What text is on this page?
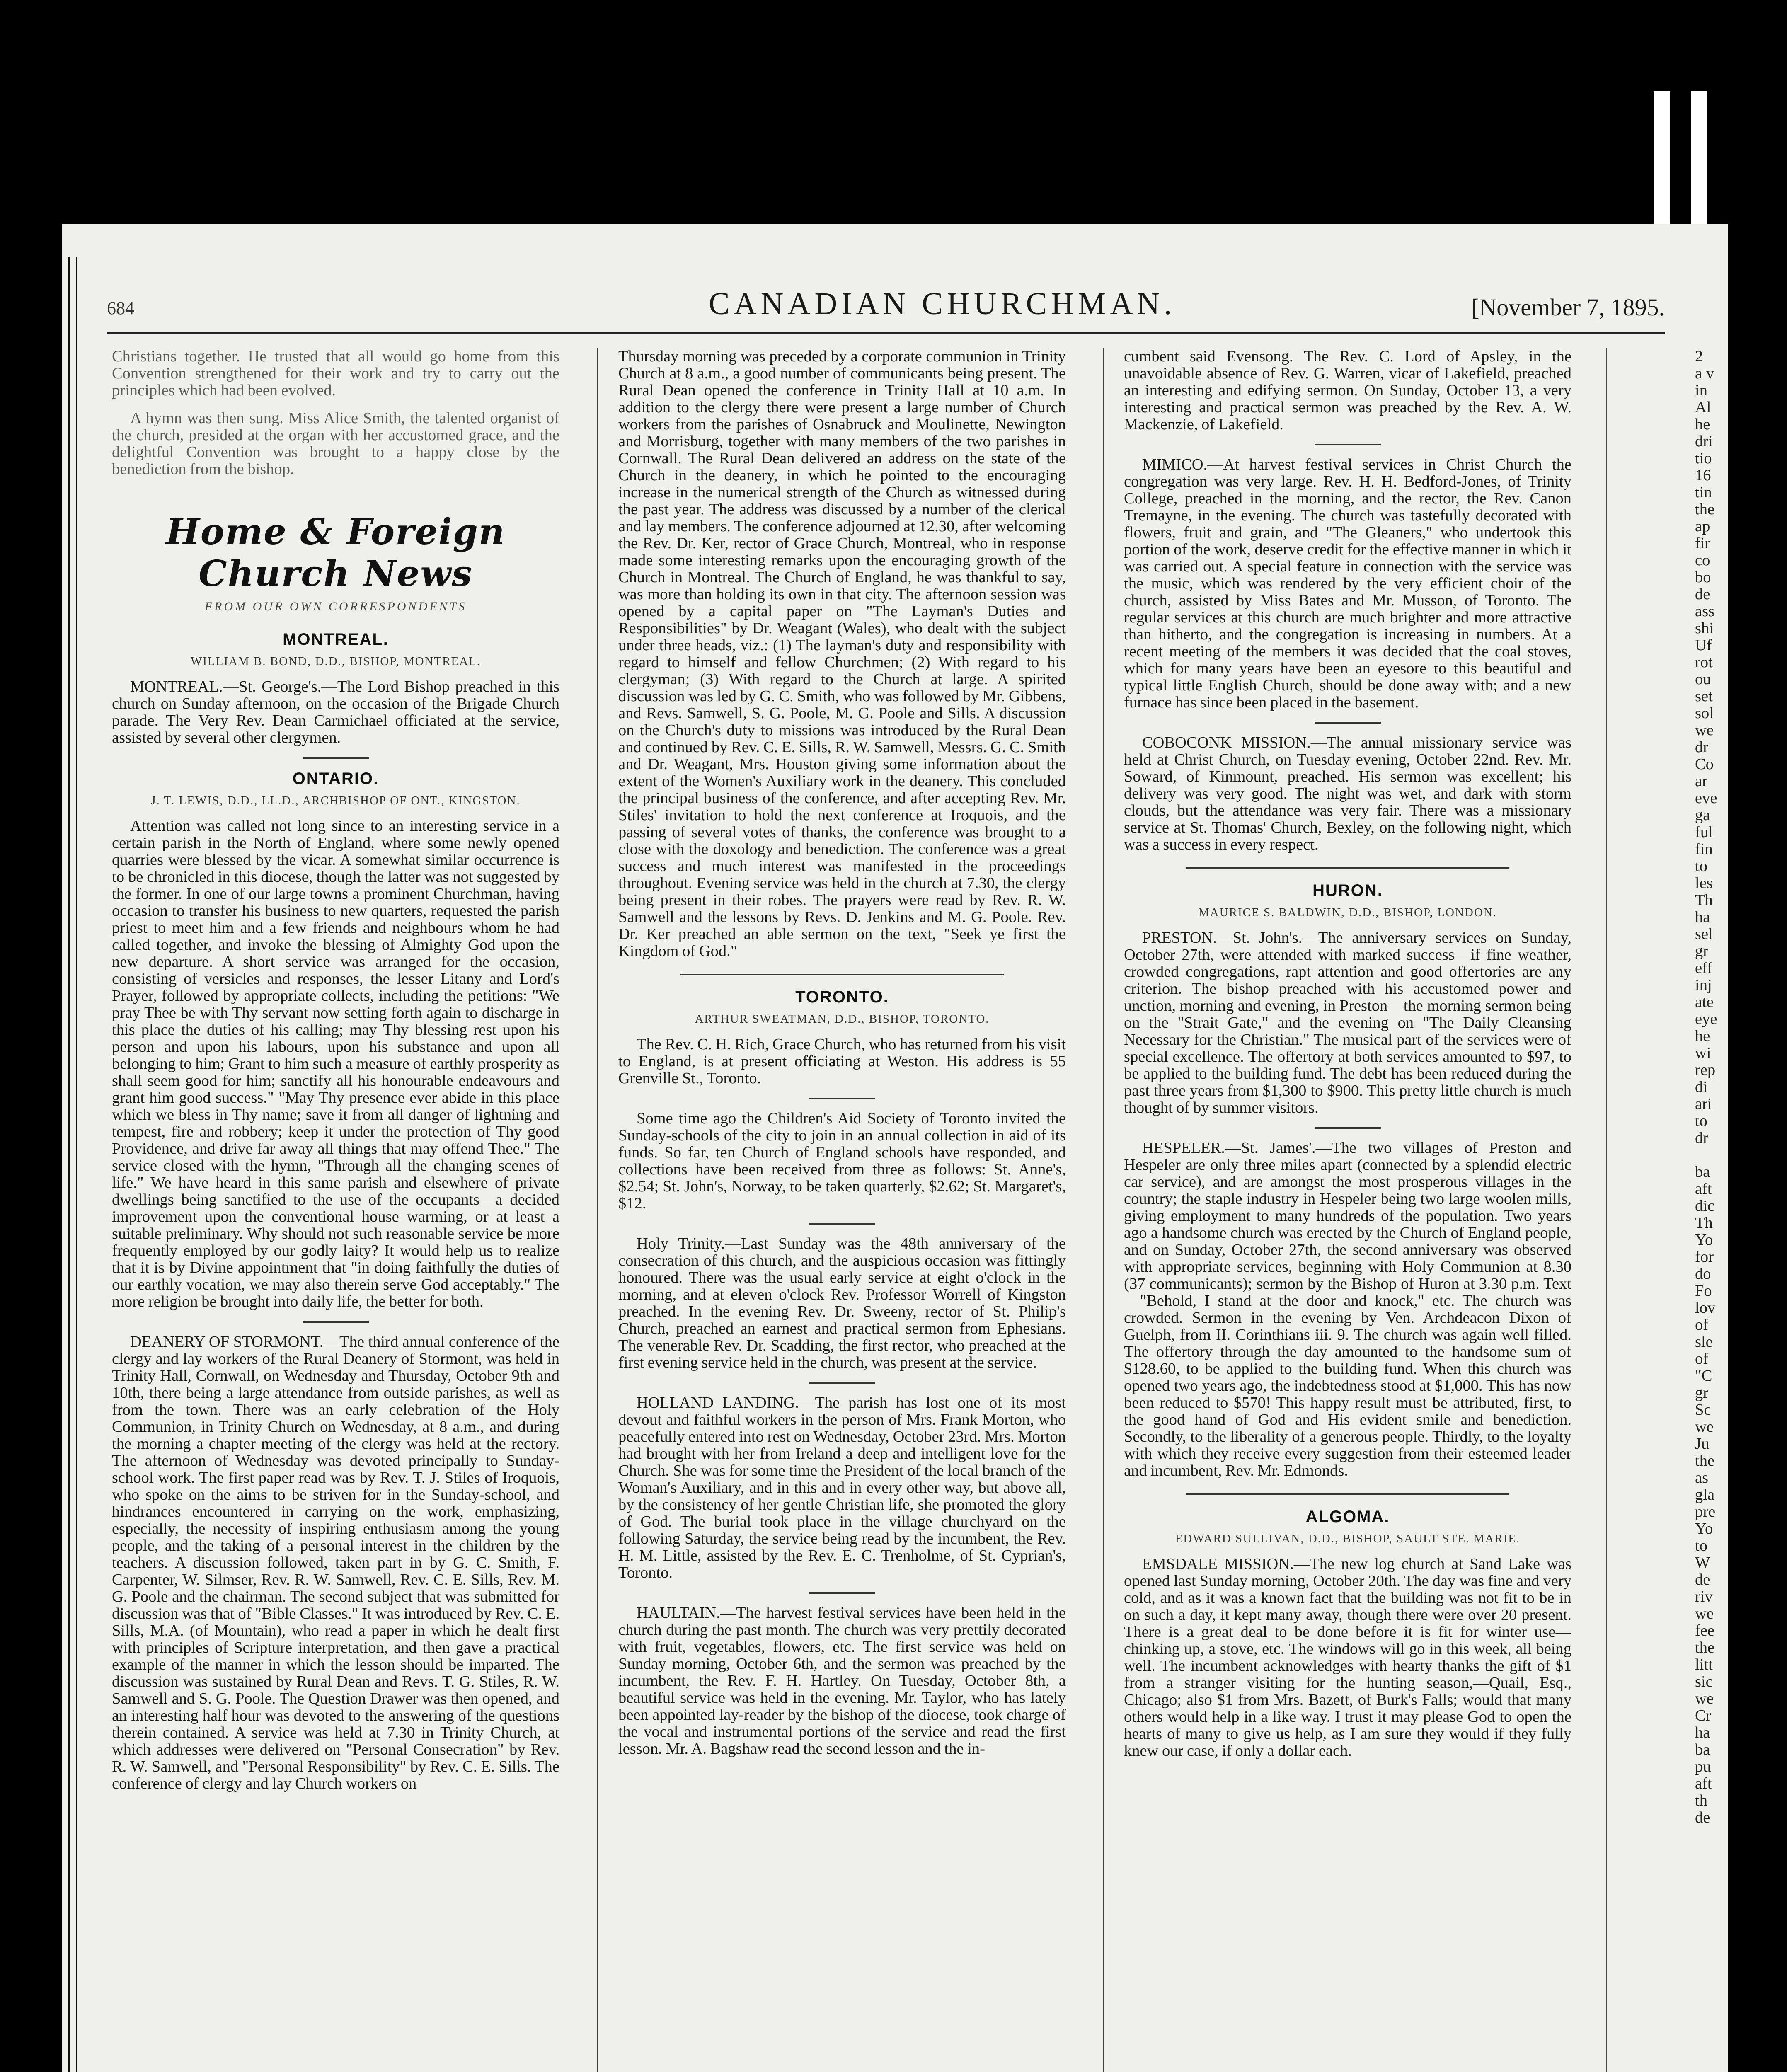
684	CANADIAN CHURCHMAN.	[November 7, 1895.

Christians together. He trusted that all would go home from this Convention strengthened for their work and try to carry out the principles which had been evolved.

A hymn was then sung. Miss Alice Smith, the talented organist of the church, presided at the organ with her accustomed grace, and the delightful Convention was brought to a happy close by the benediction from the bishop.

Home & Foreign Church News
FROM OUR OWN CORRESPONDENTS
MONTREAL.
WILLIAM B. BOND, D.D., BISHOP, MONTREAL.

MONTREAL.—St. George's.—The Lord Bishop preached in this church on Sunday afternoon, on the occasion of the Brigade Church parade. The Very Rev. Dean Carmichael officiated at the service, assisted by several other clergymen.

ONTARIO.
J. T. LEWIS, D.D., LL.D., ARCHBISHOP OF ONT., KINGSTON.

Attention was called not long since to an interesting service in a certain parish in the North of England, where some newly opened quarries were blessed by the vicar. A somewhat similar occurrence is to be chronicled in this diocese, though the latter was not suggested by the former. In one of our large towns a prominent Churchman, having occasion to transfer his business to new quarters, requested the parish priest to meet him and a few friends and neighbours whom he had called together, and invoke the blessing of Almighty God upon the new departure. A short service was arranged for the occasion, consisting of versicles and responses, the lesser Litany and Lord's Prayer, followed by appropriate collects, including the petitions: "We pray Thee be with Thy servant now setting forth again to discharge in this place the duties of his calling; may Thy blessing rest upon his person and upon his labours, upon his substance and upon all belonging to him; Grant to him such a measure of earthly prosperity as shall seem good for him; sanctify all his honourable endeavours and grant him good success." "May Thy presence ever abide in this place which we bless in Thy name; save it from all danger of lightning and tempest, fire and robbery; keep it under the protection of Thy good Providence, and drive far away all things that may offend Thee." The service closed with the hymn, "Through all the changing scenes of life." We have heard in this same parish and elsewhere of private dwellings being sanctified to the use of the occupants—a decided improvement upon the conventional house warming, or at least a suitable preliminary. Why should not such reasonable service be more frequently employed by our godly laity? It would help us to realize that it is by Divine appointment that "in doing faithfully the duties of our earthly vocation, we may also therein serve God acceptably." The more religion be brought into daily life, the better for both.

DEANERY OF STORMONT.—The third annual conference of the clergy and lay workers of the Rural Deanery of Stormont, was held in Trinity Hall, Cornwall, on Wednesday and Thursday, October 9th and 10th, there being a large attendance from outside parishes, as well as from the town. There was an early celebration of the Holy Communion, in Trinity Church on Wednesday, at 8 a.m., and during the morning a chapter meeting of the clergy was held at the rectory. The afternoon of Wednesday was devoted principally to Sunday-school work. The first paper read was by Rev. T. J. Stiles of Iroquois, who spoke on the aims to be striven for in the Sunday-school, and hindrances encountered in carrying on the work, emphasizing, especially, the necessity of inspiring enthusiasm among the young people, and the taking of a personal interest in the children by the teachers. A discussion followed, taken part in by G. C. Smith, F. Carpenter, W. Silmser, Rev. R. W. Samwell, Rev. C. E. Sills, Rev. M. G. Poole and the chairman. The second subject that was submitted for discussion was that of "Bible Classes." It was introduced by Rev. C. E. Sills, M.A. (of Mountain), who read a paper in which he dealt first with principles of Scripture interpretation, and then gave a practical example of the manner in which the lesson should be imparted. The discussion was sustained by Rural Dean and Revs. T. G. Stiles, R. W. Samwell and S. G. Poole. The Question Drawer was then opened, and an interesting half hour was devoted to the answering of the questions therein contained. A service was held at 7.30 in Trinity Church, at which addresses were delivered on "Personal Consecration" by Rev. R. W. Samwell, and "Personal Responsibility" by Rev. C. E. Sills. The conference of clergy and lay Church workers on

Thursday morning was preceded by a corporate communion in Trinity Church at 8 a.m., a good number of communicants being present. The Rural Dean opened the conference in Trinity Hall at 10 a.m. In addition to the clergy there were present a large number of Church workers from the parishes of Osnabruck and Moulinette, Newington and Morrisburg, together with many members of the two parishes in Cornwall. The Rural Dean delivered an address on the state of the Church in the deanery, in which he pointed to the encouraging increase in the numerical strength of the Church as witnessed during the past year. The address was discussed by a number of the clerical and lay members. The conference adjourned at 12.30, after welcoming the Rev. Dr. Ker, rector of Grace Church, Montreal, who in response made some interesting remarks upon the encouraging growth of the Church in Montreal. The Church of England, he was thankful to say, was more than holding its own in that city. The afternoon session was opened by a capital paper on "The Layman's Duties and Responsibilities" by Dr. Weagant (Wales), who dealt with the subject under three heads, viz.: (1) The layman's duty and responsibility with regard to himself and fellow Churchmen; (2) With regard to his clergyman; (3) With regard to the Church at large. A spirited discussion was led by G. C. Smith, who was followed by Mr. Gibbens, and Revs. Samwell, S. G. Poole, M. G. Poole and Sills. A discussion on the Church's duty to missions was introduced by the Rural Dean and continued by Rev. C. E. Sills, R. W. Samwell, Messrs. G. C. Smith and Dr. Weagant, Mrs. Houston giving some information about the extent of the Women's Auxiliary work in the deanery. This concluded the principal business of the conference, and after accepting Rev. Mr. Stiles' invitation to hold the next conference at Iroquois, and the passing of several votes of thanks, the conference was brought to a close with the doxology and benediction. The conference was a great success and much interest was manifested in the proceedings throughout. Evening service was held in the church at 7.30, the clergy being present in their robes. The prayers were read by Rev. R. W. Samwell and the lessons by Revs. D. Jenkins and M. G. Poole. Rev. Dr. Ker preached an able sermon on the text, "Seek ye first the Kingdom of God."

TORONTO.
ARTHUR SWEATMAN, D.D., BISHOP, TORONTO.

The Rev. C. H. Rich, Grace Church, who has returned from his visit to England, is at present officiating at Weston. His address is 55 Grenville St., Toronto.

Some time ago the Children's Aid Society of Toronto invited the Sunday-schools of the city to join in an annual collection in aid of its funds. So far, ten Church of England schools have responded, and collections have been received from three as follows: St. Anne's, $2.54; St. John's, Norway, to be taken quarterly, $2.62; St. Margaret's, $12.

Holy Trinity.—Last Sunday was the 48th anniversary of the consecration of this church, and the auspicious occasion was fittingly honoured. There was the usual early service at eight o'clock in the morning, and at eleven o'clock Rev. Professor Worrell of Kingston preached. In the evening Rev. Dr. Sweeny, rector of St. Philip's Church, preached an earnest and practical sermon from Ephesians. The venerable Rev. Dr. Scadding, the first rector, who preached at the first evening service held in the church, was present at the service.

HOLLAND LANDING.—The parish has lost one of its most devout and faithful workers in the person of Mrs. Frank Morton, who peacefully entered into rest on Wednesday, October 23rd. Mrs. Morton had brought with her from Ireland a deep and intelligent love for the Church. She was for some time the President of the local branch of the Woman's Auxiliary, and in this and in every other way, but above all, by the consistency of her gentle Christian life, she promoted the glory of God. The burial took place in the village churchyard on the following Saturday, the service being read by the incumbent, the Rev. H. M. Little, assisted by the Rev. E. C. Trenholme, of St. Cyprian's, Toronto.

HAULTAIN.—The harvest festival services have been held in the church during the past month. The church was very prettily decorated with fruit, vegetables, flowers, etc. The first service was held on Sunday morning, October 6th, and the sermon was preached by the incumbent, the Rev. F. H. Hartley. On Tuesday, October 8th, a beautiful service was held in the evening. Mr. Taylor, who has lately been appointed lay-reader by the bishop of the diocese, took charge of the vocal and instrumental portions of the service and read the first lesson. Mr. A. Bagshaw read the second lesson and the in-

cumbent said Evensong. The Rev. C. Lord of Apsley, in the unavoidable absence of Rev. G. Warren, vicar of Lakefield, preached an interesting and edifying sermon. On Sunday, October 13, a very interesting and practical sermon was preached by the Rev. A. W. Mackenzie, of Lakefield.

MIMICO.—At harvest festival services in Christ Church the congregation was very large. Rev. H. H. Bedford-Jones, of Trinity College, preached in the morning, and the rector, the Rev. Canon Tremayne, in the evening. The church was tastefully decorated with flowers, fruit and grain, and "The Gleaners," who undertook this portion of the work, deserve credit for the effective manner in which it was carried out. A special feature in connection with the service was the music, which was rendered by the very efficient choir of the church, assisted by Miss Bates and Mr. Musson, of Toronto. The regular services at this church are much brighter and more attractive than hitherto, and the congregation is increasing in numbers. At a recent meeting of the members it was decided that the coal stoves, which for many years have been an eyesore to this beautiful and typical little English Church, should be done away with; and a new furnace has since been placed in the basement.

COBOCONK MISSION.—The annual missionary service was held at Christ Church, on Tuesday evening, October 22nd. Rev. Mr. Soward, of Kinmount, preached. His sermon was excellent; his delivery was very good. The night was wet, and dark with storm clouds, but the attendance was very fair. There was a missionary service at St. Thomas' Church, Bexley, on the following night, which was a success in every respect.

HURON.
MAURICE S. BALDWIN, D.D., BISHOP, LONDON.

PRESTON.—St. John's.—The anniversary services on Sunday, October 27th, were attended with marked success—if fine weather, crowded congregations, rapt attention and good offertories are any criterion. The bishop preached with his accustomed power and unction, morning and evening, in Preston—the morning sermon being on the "Strait Gate," and the evening on "The Daily Cleansing Necessary for the Christian." The musical part of the services were of special excellence. The offertory at both services amounted to $97, to be applied to the building fund. The debt has been reduced during the past three years from $1,300 to $900. This pretty little church is much thought of by summer visitors.

HESPELER.—St. James'.—The two villages of Preston and Hespeler are only three miles apart (connected by a splendid electric car service), and are amongst the most prosperous villages in the country; the staple industry in Hespeler being two large woolen mills, giving employment to many hundreds of the population. Two years ago a handsome church was erected by the Church of England people, and on Sunday, October 27th, the second anniversary was observed with appropriate services, beginning with Holy Communion at 8.30 (37 communicants); sermon by the Bishop of Huron at 3.30 p.m. Text—"Behold, I stand at the door and knock," etc. The church was crowded. Sermon in the evening by Ven. Archdeacon Dixon of Guelph, from II. Corinthians iii. 9. The church was again well filled. The offertory through the day amounted to the handsome sum of $128.60, to be applied to the building fund. When this church was opened two years ago, the indebtedness stood at $1,000. This has now been reduced to $570! This happy result must be attributed, first, to the good hand of God and His evident smile and benediction. Secondly, to the liberality of a generous people. Thirdly, to the loyalty with which they receive every suggestion from their esteemed leader and incumbent, Rev. Mr. Edmonds.

ALGOMA.
EDWARD SULLIVAN, D.D., BISHOP, SAULT STE. MARIE.

EMSDALE MISSION.—The new log church at Sand Lake was opened last Sunday morning, October 20th. The day was fine and very cold, and as it was a known fact that the building was not fit to be in on such a day, it kept many away, though there were over 20 present. There is a great deal to be done before it is fit for winter use—chinking up, a stove, etc. The windows will go in this week, all being well. The incumbent acknowledges with hearty thanks the gift of $1 from a stranger visiting for the hunting season,—Quail, Esq., Chicago; also $1 from Mrs. Bazett, of Burk's Falls; would that many others would help in a like way. I trust it may please God to open the hearts of many to give us help, as I am sure they would if they fully knew our case, if only a dollar each.

2
a v
in
Al
he
dri
tio
16
tin
the
ap
fir
co
bo
de
ass
shi
Uf
rot
ou
set
sol
we
dr
Co
ar
eve
ga
ful
fin
to
les
Th
ha
sel
gr
eff
inj
ate
eye
he
wi
rep
di
ari
to
dr

ba
aft
dic
Th
Yo
for
do
Fo
lov
of
sle
of
"C
gr
Sc
we
Ju
the
as
gla
pre
Yo
to
W
de
riv
we
fee
the
litt
sic
we
Cr
ha
ba
pu
aft
th
de
